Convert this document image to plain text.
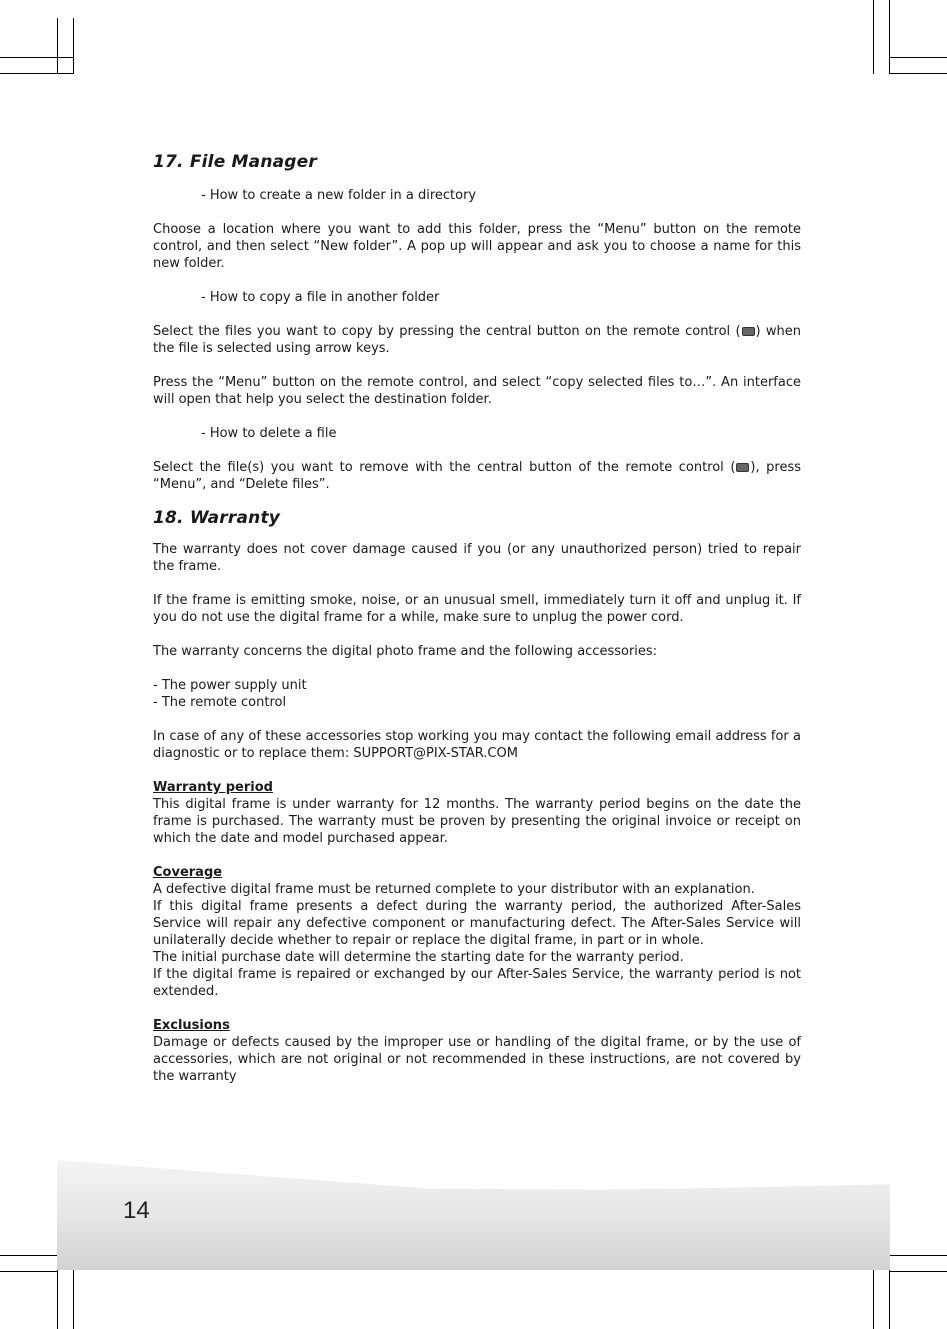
17. File Manager

- How to create a new folder in a directory

Choose a location where you want to add this folder, press the “Menu” button on the remote control, and then select “New folder”. A pop up will appear and ask you to choose a name for this new folder.

- How to copy a file in another folder

Select the files you want to copy by pressing the central button on the remote control ( ) when the file is selected using arrow keys.

Press the “Menu” button on the remote control, and select “copy selected files to…”. An interface will open that help you select the destination folder.

- How to delete a file

Select the file(s) you want to remove with the central button of the remote control ( ), press “Menu”, and “Delete files”.

18. Warranty

The warranty does not cover damage caused if you (or any unauthorized person) tried to repair the frame.

If the frame is emitting smoke, noise, or an unusual smell, immediately turn it off and unplug it. If you do not use the digital frame for a while, make sure to unplug the power cord.

The warranty concerns the digital photo frame and the following accessories:

- The power supply unit

- The remote control

In case of any of these accessories stop working you may contact the following email address for a diagnostic or to replace them: SUPPORT@PIX-STAR.COM

Warranty period

This digital frame is under warranty for 12 months. The warranty period begins on the date the frame is purchased. The warranty must be proven by presenting the original invoice or receipt on which the date and model purchased appear.

Coverage

A defective digital frame must be returned complete to your distributor with an explanation.

If this digital frame presents a defect during the warranty period, the authorized After-Sales Service will repair any defective component or manufacturing defect. The After-Sales Service will unilaterally decide whether to repair or replace the digital frame, in part or in whole.

The initial purchase date will determine the starting date for the warranty period.

If the digital frame is repaired or exchanged by our After-Sales Service, the warranty period is not extended.

Exclusions

Damage or defects caused by the improper use or handling of the digital frame, or by the use of accessories, which are not original or not recommended in these instructions, are not covered by the warranty

14
